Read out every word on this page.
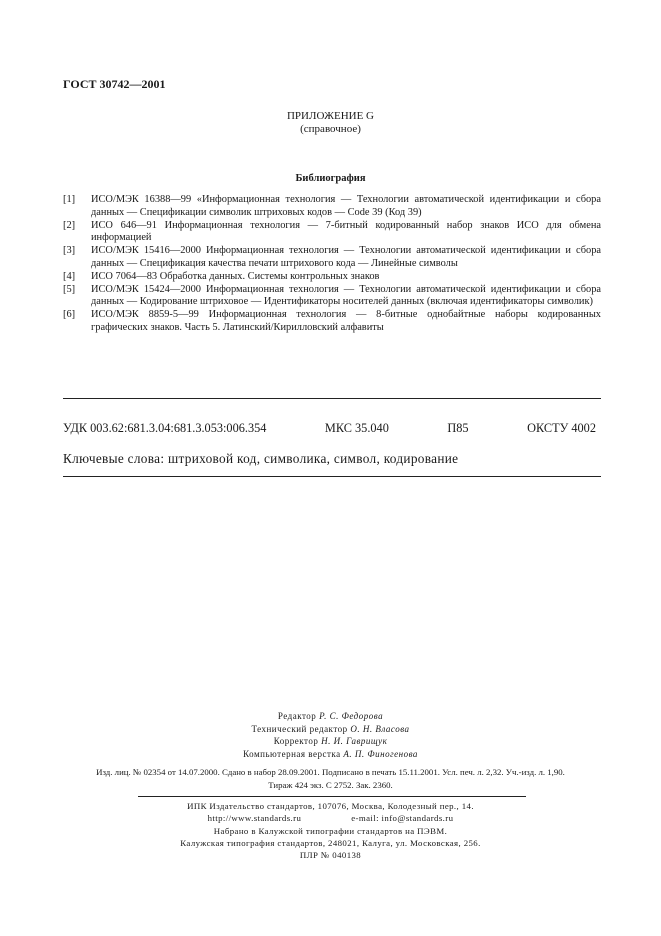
ГОСТ 30742—2001
ПРИЛОЖЕНИЕ G
(справочное)
Библиография
[1] ИСО/МЭК 16388—99 «Информационная технология — Технологии автоматической идентификации и сбора данных — Спецификации символик штриховых кодов — Code 39 (Код 39)
[2] ИСО 646—91 Информационная технология — 7-битный кодированный набор знаков ИСО для обмена информацией
[3] ИСО/МЭК 15416—2000 Информационная технология — Технологии автоматической идентификации и сбора данных — Спецификация качества печати штрихового кода — Линейные символы
[4] ИСО 7064—83 Обработка данных. Системы контрольных знаков
[5] ИСО/МЭК 15424—2000 Информационная технология — Технологии автоматической идентификации и сбора данных — Кодирование штриховое — Идентификаторы носителей данных (включая идентификаторы символик)
[6] ИСО/МЭК 8859-5—99 Информационная технология — 8-битные однобайтные наборы кодированных графических знаков. Часть 5. Латинский/Кириллoвский алфавиты
УДК 003.62:681.3.04:681.3.053:006.354	МКС 35.040	П85	ОКСТУ 4002
Ключевые слова: штриховой код, символика, символ, кодирование
Редактор Р. С. Федорова
Технический редактор О. Н. Власова
Корректор Н. И. Гаврищук
Компьютерная верстка А. П. Финогенова
Изд. лиц. № 02354 от 14.07.2000. Сдано в набор 28.09.2001. Подписано в печать 15.11.2001. Усл. печ. л. 2,32. Уч.-изд. л. 1,90.
Тираж 424 экз. С 2752. Зак. 2360.
ИПК Издательство стандартов, 107076, Москва, Колодезный пер., 14.
http://www.standards.ru	e-mail: info@standards.ru
Набрано в Калужской типографии стандартов на ПЭВМ.
Калужская типография стандартов, 248021, Калуга, ул. Московская, 256.
ПЛР № 040138
